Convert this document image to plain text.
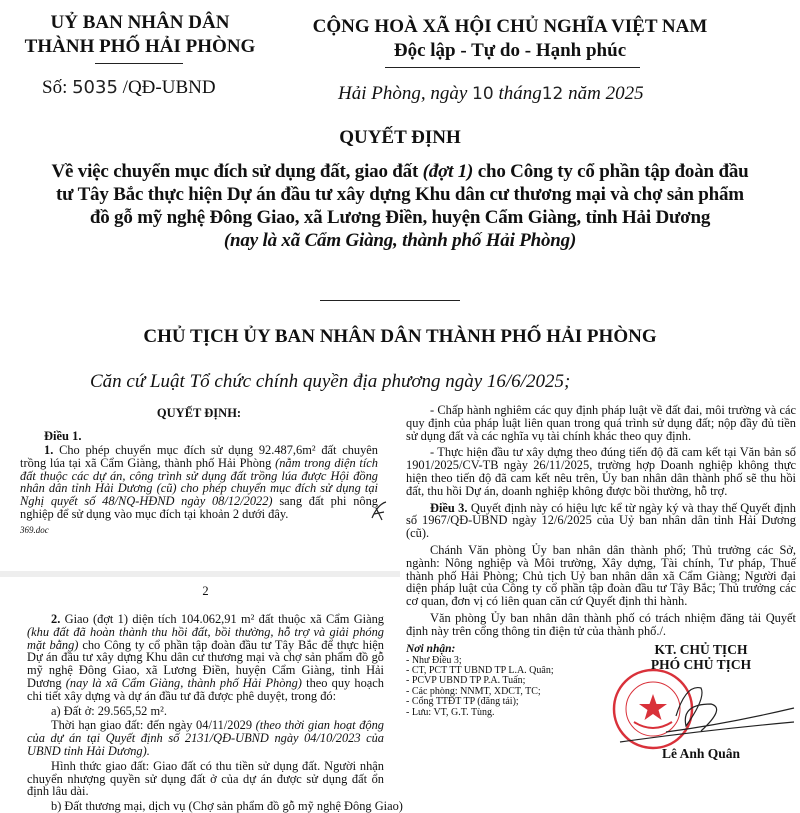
UỶ BAN NHÂN DÂN
THÀNH PHỐ HẢI PHÒNG
Số: 5035 /QĐ-UBND
CỘNG HOÀ XÃ HỘI CHỦ NGHĨA VIỆT NAM
Độc lập - Tự do - Hạnh phúc
Hải Phòng, ngày 10 tháng12 năm 2025
QUYẾT ĐỊNH
Về việc chuyển mục đích sử dụng đất, giao đất (đợt 1) cho Công ty cổ phần tập đoàn đầu tư Tây Bắc thực hiện Dự án đầu tư xây dựng Khu dân cư thương mại và chợ sản phẩm đồ gỗ mỹ nghệ Đông Giao, xã Lương Điền, huyện Cẩm Giàng, tỉnh Hải Dương
(nay là xã Cẩm Giàng, thành phố Hải Phòng)
CHỦ TỊCH ỦY BAN NHÂN DÂN THÀNH PHỐ HẢI PHÒNG
Căn cứ Luật Tổ chức chính quyền địa phương ngày 16/6/2025;
QUYẾT ĐỊNH:
Điều 1.
1. Cho phép chuyển mục đích sử dụng 92.487,6m² đất chuyên trồng lúa tại xã Cẩm Giàng, thành phố Hải Phòng (nằm trong diện tích đất thuộc các dự án, công trình sử dụng đất trồng lúa được Hội đồng nhân dân tỉnh Hải Dương (cũ) cho phép chuyển mục đích sử dụng tại Nghị quyết số 48/NQ-HĐND ngày 08/12/2022) sang đất phi nông nghiệp để sử dụng vào mục đích tại khoản 2 dưới đây.
369.doc
2
2. Giao (đợt 1) diện tích 104.062,91 m² đất thuộc xã Cẩm Giàng (khu đất đã hoàn thành thu hồi đất, bồi thường, hỗ trợ và giải phóng mặt bằng) cho Công ty cổ phần tập đoàn đầu tư Tây Bắc để thực hiện Dự án đầu tư xây dựng Khu dân cư thương mại và chợ sản phẩm đồ gỗ mỹ nghệ Đông Giao, xã Lương Điền, huyện Cẩm Giàng, tỉnh Hải Dương (nay là xã Cẩm Giàng, thành phố Hải Phòng) theo quy hoạch chi tiết xây dựng và dự án đầu tư đã được phê duyệt, trong đó:
a) Đất ở: 29.565,52 m².
Thời hạn giao đất: đến ngày 04/11/2029 (theo thời gian hoạt động của dự án tại Quyết định số 2131/QĐ-UBND ngày 04/10/2023 của UBND tỉnh Hải Dương).
Hình thức giao đất: Giao đất có thu tiền sử dụng đất. Người nhận chuyển nhượng quyền sử dụng đất ở của dự án được sử dụng đất ổn định lâu dài.
b) Đất thương mại, dịch vụ (Chợ sản phẩm đồ gỗ mỹ nghệ Đông Giao)
- Chấp hành nghiêm các quy định pháp luật về đất đai, môi trường và các quy định của pháp luật liên quan trong quá trình sử dụng đất; nộp đầy đủ tiền sử dụng đất và các nghĩa vụ tài chính khác theo quy định.
- Thực hiện đầu tư xây dựng theo đúng tiến độ đã cam kết tại Văn bản số 1901/2025/CV-TB ngày 26/11/2025, trường hợp Doanh nghiệp không thực hiện theo tiến độ đã cam kết nêu trên, Ủy ban nhân dân thành phố sẽ thu hồi đất, thu hồi Dự án, doanh nghiệp không được bồi thường, hỗ trợ.
Điều 3. Quyết định này có hiệu lực kể từ ngày ký và thay thế Quyết định số 1967/QĐ-UBND ngày 12/6/2025 của Uỷ ban nhân dân tỉnh Hải Dương (cũ).
Chánh Văn phòng Ủy ban nhân dân thành phố; Thủ trưởng các Sở, ngành: Nông nghiệp và Môi trường, Xây dựng, Tài chính, Tư pháp, Thuế thành phố Hải Phòng; Chủ tịch Uỷ ban nhân dân xã Cẩm Giàng; Người đại diện pháp luật của Công ty cổ phần tập đoàn đầu tư Tây Bắc; Thủ trưởng các cơ quan, đơn vị có liên quan căn cứ Quyết định thi hành.
Văn phòng Ủy ban nhân dân thành phố có trách nhiệm đăng tải Quyết định này trên cổng thông tin điện tử của thành phố./.
Nơi nhận:
- Như Điều 3;
- CT, PCT TT UBND TP L.A. Quân;
- PCVP UBND TP P.A. Tuấn;
- Các phòng: NNMT, XDCT, TC;
- Cổng TTĐT TP (đăng tải);
- Lưu: VT, G.T. Tùng.
KT. CHỦ TỊCH
PHÓ CHỦ TỊCH
Lê Anh Quân
